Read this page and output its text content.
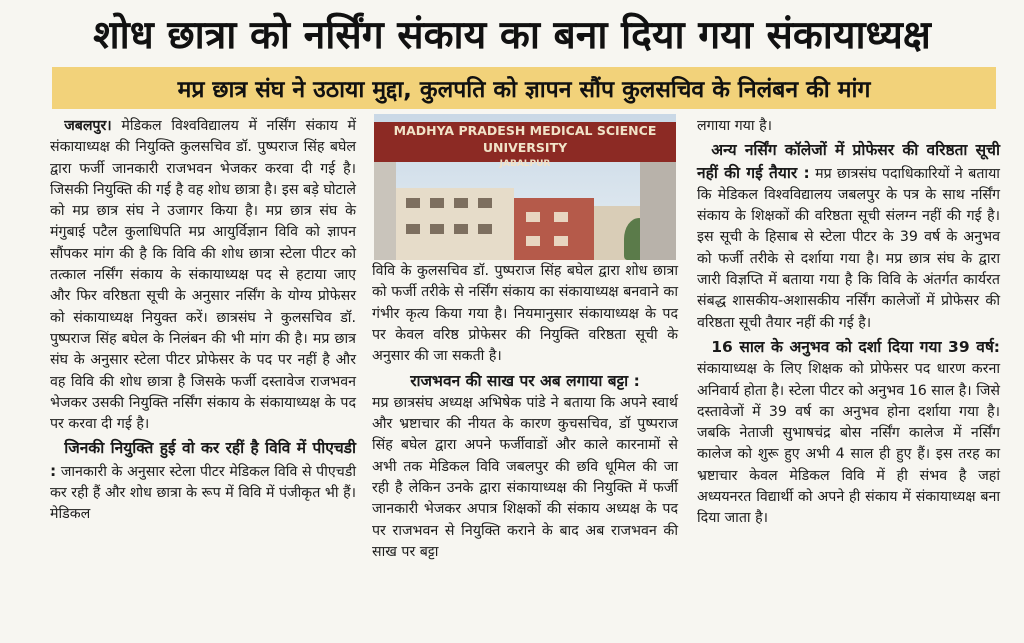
शोध छात्रा को नर्सिंग संकाय का बना दिया गया संकायाध्यक्ष
मप्र छात्र संघ ने उठाया मुद्दा, कुलपति को ज्ञापन सौंप कुलसचिव के निलंबन की मांग

 जबलपुर। मेडिकल विश्वविद्यालय में नर्सिंग संकाय में संकायाध्यक्ष की नियुक्ति कुलसचिव डॉ. पुष्पराज सिंह बघेल द्वारा फर्जी जानकारी राजभवन भेजकर करवा दी गई है। जिसकी नियुक्ति की गई है वह शोध छात्रा है। इस बड़े घोटाले को मप्र छात्र संघ ने उजागर किया है। मप्र छात्र संघ के मंगुबाई पटैल कुलाधिपति मप्र आयुर्विज्ञान विवि को ज्ञापन सौंपकर मांग की है कि विवि की शोध छात्रा स्टेला पीटर को तत्काल नर्सिंग संकाय के संकायाध्यक्ष पद से हटाया जाए और फिर वरिष्ठता सूची के अनुसार नर्सिंग के योग्य प्रोफेसर को संकायाध्यक्ष नियुक्त करें। छात्रसंघ ने कुलसचिव डॉ. पुष्पराज सिंह बघेल के निलंबन की भी मांग की है। मप्र छात्र संघ के अनुसार स्टेला पीटर प्रोफेसर के पद पर नहीं है और वह विवि की शोध छात्रा है जिसके फर्जी दस्तावेज राजभवन भेजकर उसकी नियुक्ति नर्सिंग संकाय के संकायाध्यक्ष के पद पर करवा दी गई है।

 जिनकी नियुक्ति हुई वो कर रहीं है विवि में पीएचडी : जानकारी के अनुसार स्टेला पीटर मेडिकल विवि से पीएचडी कर रही हैं और शोध छात्रा के रूप में विवि में पंजीकृत भी हैं। मेडिकल

MADHYA PRADESH MEDICAL SCIENCE UNIVERSITY
JABALPUR

विवि के कुलसचिव डॉ. पुष्पराज सिंह बघेल द्वारा शोध छात्रा को फर्जी तरीके से नर्सिंग संकाय का संकायाध्यक्ष बनवाने का गंभीर कृत्य किया गया है। नियमानुसार संकायाध्यक्ष के पद पर केवल वरिष्ठ प्रोफेसर की नियुक्ति वरिष्ठता सूची के अनुसार की जा सकती है।

राजभवन की साख पर अब लगाया बट्टा :

मप्र छात्रसंघ अध्यक्ष अभिषेक पांडे ने बताया कि अपने स्वार्थ और भ्रष्टाचार की नीयत के कारण कुचसचिव, डॉ पुष्पराज सिंह बघेल द्वारा अपने फर्जीवाडों और काले कारनामों से अभी तक मेडिकल विवि जबलपुर की छवि धूमिल की जा रही है लेकिन उनके द्वारा संकायाध्यक्ष की नियुक्ति में फर्जी जानकारी भेजकर अपात्र शिक्षकों की संकाय अध्यक्ष के पद पर राजभवन से नियुक्ति कराने के बाद अब राजभवन की साख पर बट्टा

लगाया गया है।

 अन्य नर्सिंग कॉलेजों में प्रोफेसर की वरिष्ठता सूची नहीं की गई तैयार : मप्र छात्रसंघ पदाधिकारियों ने बताया कि मेडिकल विश्वविद्यालय जबलपुर के पत्र के साथ नर्सिंग संकाय के शिक्षकों की वरिष्ठता सूची संलग्न नहीं की गई है। इस सूची के हिसाब से स्टेला पीटर के 39 वर्ष के अनुभव को फर्जी तरीके से दर्शाया गया है। मप्र छात्र संघ के द्वारा जारी विज्ञप्ति में बताया गया है कि विवि के अंतर्गत कार्यरत संबद्ध शासकीय-अशासकीय नर्सिंग कालेजों में प्रोफेसर की वरिष्ठता सूची तैयार नहीं की गई है।

 16 साल के अनुभव को दर्शा दिया गया 39 वर्ष: संकायाध्यक्ष के लिए शिक्षक को प्रोफेसर पद धारण करना अनिवार्य होता है। स्टेला पीटर को अनुभव 16 साल है। जिसे दस्तावेजों में 39 वर्ष का अनुभव होना दर्शाया गया है। जबकि नेताजी सुभाषचंद्र बोस नर्सिंग कालेज में नर्सिंग कालेज को शुरू हुए अभी 4 साल ही हुए हैं। इस तरह का भ्रष्टाचार केवल मेडिकल विवि में ही संभव है जहां अध्ययनरत विद्यार्थी को अपने ही संकाय में संकायाध्यक्ष बना दिया जाता है।
